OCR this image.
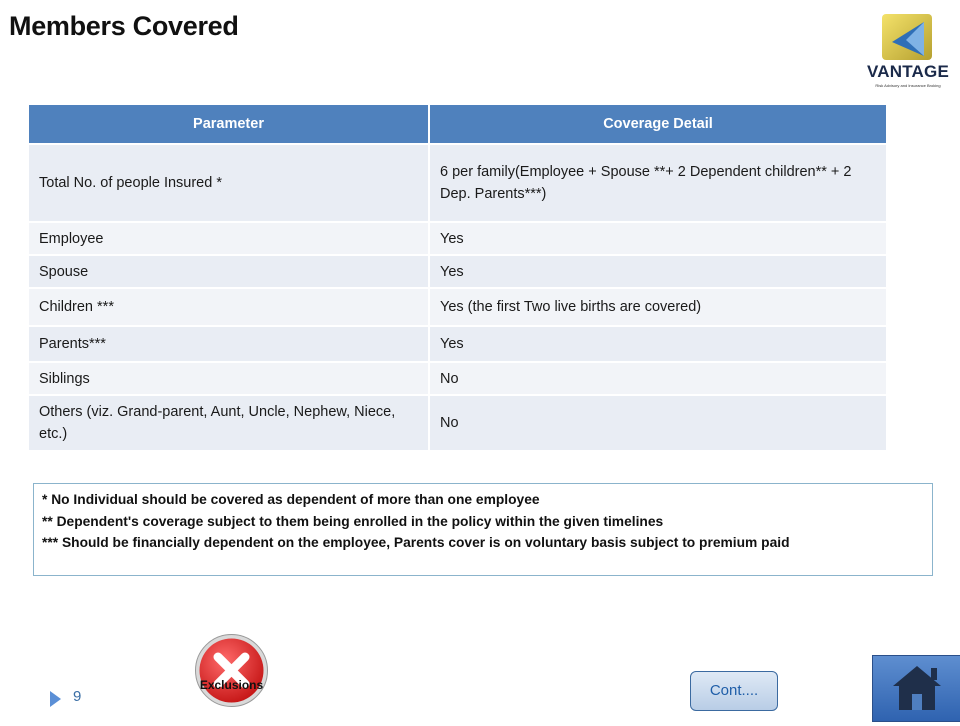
Members Covered
VANTAGE
Risk Advisory and Insurance Broking
Parameter	Coverage Detail
Total No. of people Insured *	6 per family(Employee + Spouse **+ 2 Dependent children** + 2 Dep. Parents***)
Employee	Yes
Spouse	Yes
Children ***	Yes (the first Two live births are covered)
Parents***	Yes
Siblings	No
Others (viz. Grand-parent, Aunt, Uncle, Nephew, Niece, etc.)	No
* No Individual should be covered as dependent of more than one employee
** Dependent's coverage subject to them being enrolled in the policy within the given timelines
*** Should be financially dependent on the employee, Parents cover is on voluntary basis subject to premium paid
Exclusions
9	Cont....
